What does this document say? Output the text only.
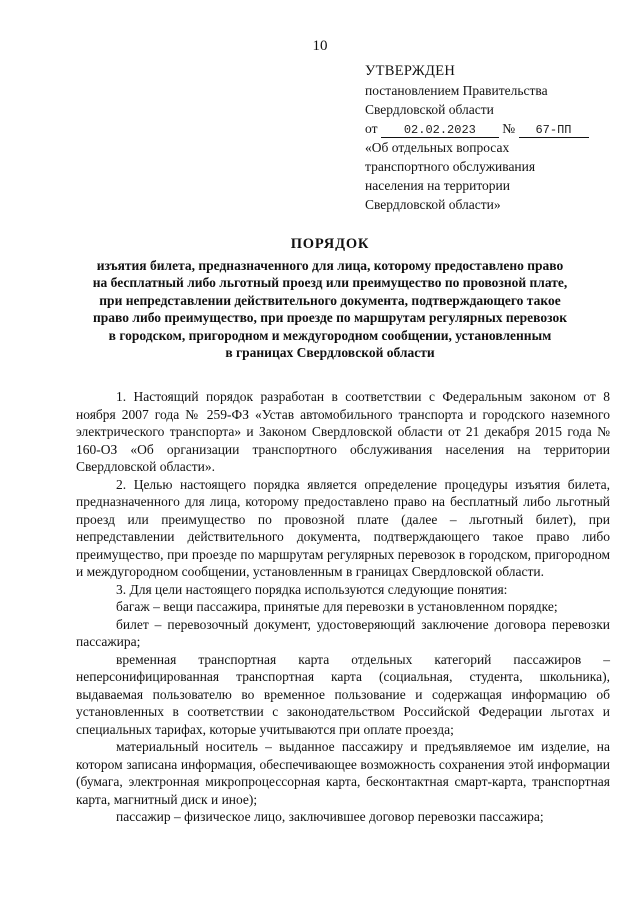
10
УТВЕРЖДЕН
постановлением Правительства
Свердловской области
от 02.02.2023 № 67-ПП
«Об отдельных вопросах
транспортного обслуживания
населения на территории
Свердловской области»
ПОРЯДОК
изъятия билета, предназначенного для лица, которому предоставлено право
на бесплатный либо льготный проезд или преимущество по провозной плате,
при непредставлении действительного документа, подтверждающего такое
право либо преимущество, при проезде по маршрутам регулярных перевозок
в городском, пригородном и междугородном сообщении, установленным
в границах Свердловской области

1. Настоящий порядок разработан в соответствии с Федеральным законом от 8 ноября 2007 года № 259-ФЗ «Устав автомобильного транспорта и городского наземного электрического транспорта» и Законом Свердловской области от 21 декабря 2015 года № 160-ОЗ «Об организации транспортного обслуживания населения на территории Свердловской области».

2. Целью настоящего порядка является определение процедуры изъятия билета, предназначенного для лица, которому предоставлено право на бесплатный либо льготный проезд или преимущество по провозной плате (далее – льготный билет), при непредставлении действительного документа, подтверждающего такое право либо преимущество, при проезде по маршрутам регулярных перевозок в городском, пригородном и междугородном сообщении, установленным в границах Свердловской области.

3. Для цели настоящего порядка используются следующие понятия:

багаж – вещи пассажира, принятые для перевозки в установленном порядке;

билет – перевозочный документ, удостоверяющий заключение договора перевозки пассажира;

временная транспортная карта отдельных категорий пассажиров – неперсонифицированная транспортная карта (социальная, студента, школьника), выдаваемая пользователю во временное пользование и содержащая информацию об установленных в соответствии с законодательством Российской Федерации льготах и специальных тарифах, которые учитываются при оплате проезда;

материальный носитель – выданное пассажиру и предъявляемое им изделие, на котором записана информация, обеспечивающее возможность сохранения этой информации (бумага, электронная микропроцессорная карта, бесконтактная смарт-карта, транспортная карта, магнитный диск и иное);

пассажир – физическое лицо, заключившее договор перевозки пассажира;
